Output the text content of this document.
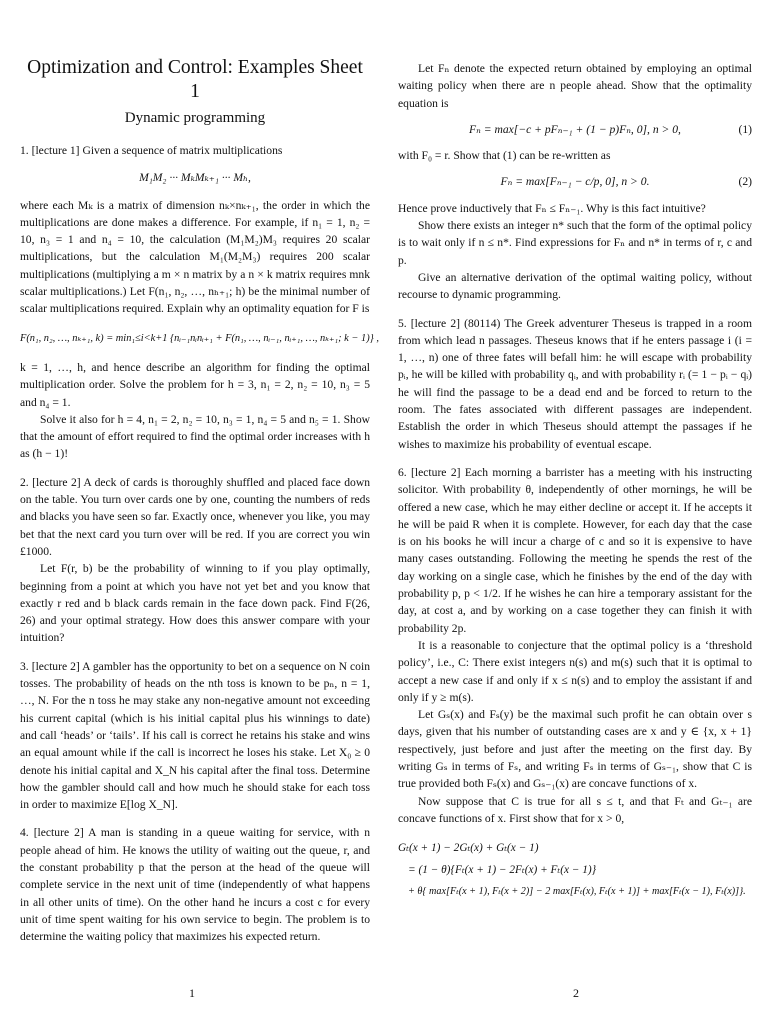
Optimization and Control: Examples Sheet 1
Dynamic programming

1. [lecture 1] Given a sequence of matrix multiplications

M₁M₂ ··· MₖMₖ₊₁ ··· Mₕ,

where each Mₖ is a matrix of dimension nₖ×nₖ₊₁, the order in which the multiplications are done makes a difference. For example, if n₁ = 1, n₂ = 10, n₃ = 1 and n₄ = 10, the calculation (M₁M₂)M₃ requires 20 scalar multiplications, but the calculation M₁(M₂M₃) requires 200 scalar multiplications (multiplying a m × n matrix by a n × k matrix requires mnk scalar multiplications.) Let F(n₁, n₂, …, nₕ₊₁; h) be the minimal number of scalar multiplications required. Explain why an optimality equation for F is

F(n₁, n₂, …, nₖ₊₁, k) = min₁≤i<k+1 {nᵢ₋₁nᵢnᵢ₊₁ + F(n₁, …, nᵢ₋₁, nᵢ₊₁, …, nₖ₊₁; k − 1)} ,

k = 1, …, h, and hence describe an algorithm for finding the optimal multiplication order. Solve the problem for h = 3, n₁ = 2, n₂ = 10, n₃ = 5 and n₄ = 1.

Solve it also for h = 4, n₁ = 2, n₂ = 10, n₃ = 1, n₄ = 5 and n₅ = 1. Show that the amount of effort required to find the optimal order increases with h as (h − 1)!

2. [lecture 2] A deck of cards is thoroughly shuffled and placed face down on the table. You turn over cards one by one, counting the numbers of reds and blacks you have seen so far. Exactly once, whenever you like, you may bet that the next card you turn over will be red. If you are correct you win £1000.

Let F(r, b) be the probability of winning to if you play optimally, beginning from a point at which you have not yet bet and you know that exactly r red and b black cards remain in the face down pack. Find F(26, 26) and your optimal strategy. How does this answer compare with your intuition?

3. [lecture 2] A gambler has the opportunity to bet on a sequence on N coin tosses. The probability of heads on the nth toss is known to be pₙ, n = 1, …, N. For the n toss he may stake any non-negative amount not exceeding his current capital (which is his initial capital plus his winnings to date) and call ‘heads’ or ‘tails’. If his call is correct he retains his stake and wins an equal amount while if the call is incorrect he loses his stake. Let X₀ ≥ 0 denote his initial capital and X_N his capital after the final toss. Determine how the gambler should call and how much he should stake for each toss in order to maximize E[log X_N].

4. [lecture 2] A man is standing in a queue waiting for service, with n people ahead of him. He knows the utility of waiting out the queue, r, and the constant probability p that the person at the head of the queue will complete service in the next unit of time (independently of what happens in all other units of time). On the other hand he incurs a cost c for every unit of time spent waiting for his own service to begin. The problem is to determine the waiting policy that maximizes his expected return.

1

Let Fₙ denote the expected return obtained by employing an optimal waiting policy when there are n people ahead. Show that the optimality equation is

Fₙ = max[−c + pFₙ₋₁ + (1 − p)Fₙ, 0], n > 0,	(1)

with F₀ = r. Show that (1) can be re-written as

Fₙ = max[Fₙ₋₁ − c/p, 0], n > 0.	(2)

Hence prove inductively that Fₙ ≤ Fₙ₋₁. Why is this fact intuitive?

Show there exists an integer n* such that the form of the optimal policy is to wait only if n ≤ n*. Find expressions for Fₙ and n* in terms of r, c and p.

Give an alternative derivation of the optimal waiting policy, without recourse to dynamic programming.

5. [lecture 2] (80114) The Greek adventurer Theseus is trapped in a room from which lead n passages. Theseus knows that if he enters passage i (i = 1, …, n) one of three fates will befall him: he will escape with probability pᵢ, he will be killed with probability qᵢ, and with probability rᵢ (= 1 − pᵢ − qᵢ) he will find the passage to be a dead end and be forced to return to the room. The fates associated with different passages are independent. Establish the order in which Theseus should attempt the passages if he wishes to maximize his probability of eventual escape.

6. [lecture 2] Each morning a barrister has a meeting with his instructing solicitor. With probability θ, independently of other mornings, he will be offered a new case, which he may either decline or accept it. If he accepts it he will be paid R when it is complete. However, for each day that the case is on his books he will incur a charge of c and so it is expensive to have many cases outstanding. Following the meeting he spends the rest of the day working on a single case, which he finishes by the end of the day with probability p, p < 1/2. If he wishes he can hire a temporary assistant for the day, at cost a, and by working on a case together they can finish it with probability 2p.

It is a reasonable to conjecture that the optimal policy is a ‘threshold policy’, i.e., C: There exist integers n(s) and m(s) such that it is optimal to accept a new case if and only if x ≤ n(s) and to employ the assistant if and only if y ≥ m(s).

Let Gₛ(x) and Fₛ(y) be the maximal such profit he can obtain over s days, given that his number of outstanding cases are x and y ∈ {x, x + 1} respectively, just before and just after the meeting on the first day. By writing Gₛ in terms of Fₛ, and writing Fₛ in terms of Gₛ₋₁, show that C is true provided both Fₛ(x) and Gₛ₋₁(x) are concave functions of x.

Now suppose that C is true for all s ≤ t, and that Fₜ and Gₜ₋₁ are concave functions of x. First show that for x > 0,

Gₜ(x + 1) − 2Gₜ(x) + Gₜ(x − 1)
= (1 − θ){Fₜ(x + 1) − 2Fₜ(x) + Fₜ(x − 1)}
+ θ{ max[Fₜ(x + 1), Fₜ(x + 2)] − 2 max[Fₜ(x), Fₜ(x + 1)] + max[Fₜ(x − 1), Fₜ(x)]}.
2
